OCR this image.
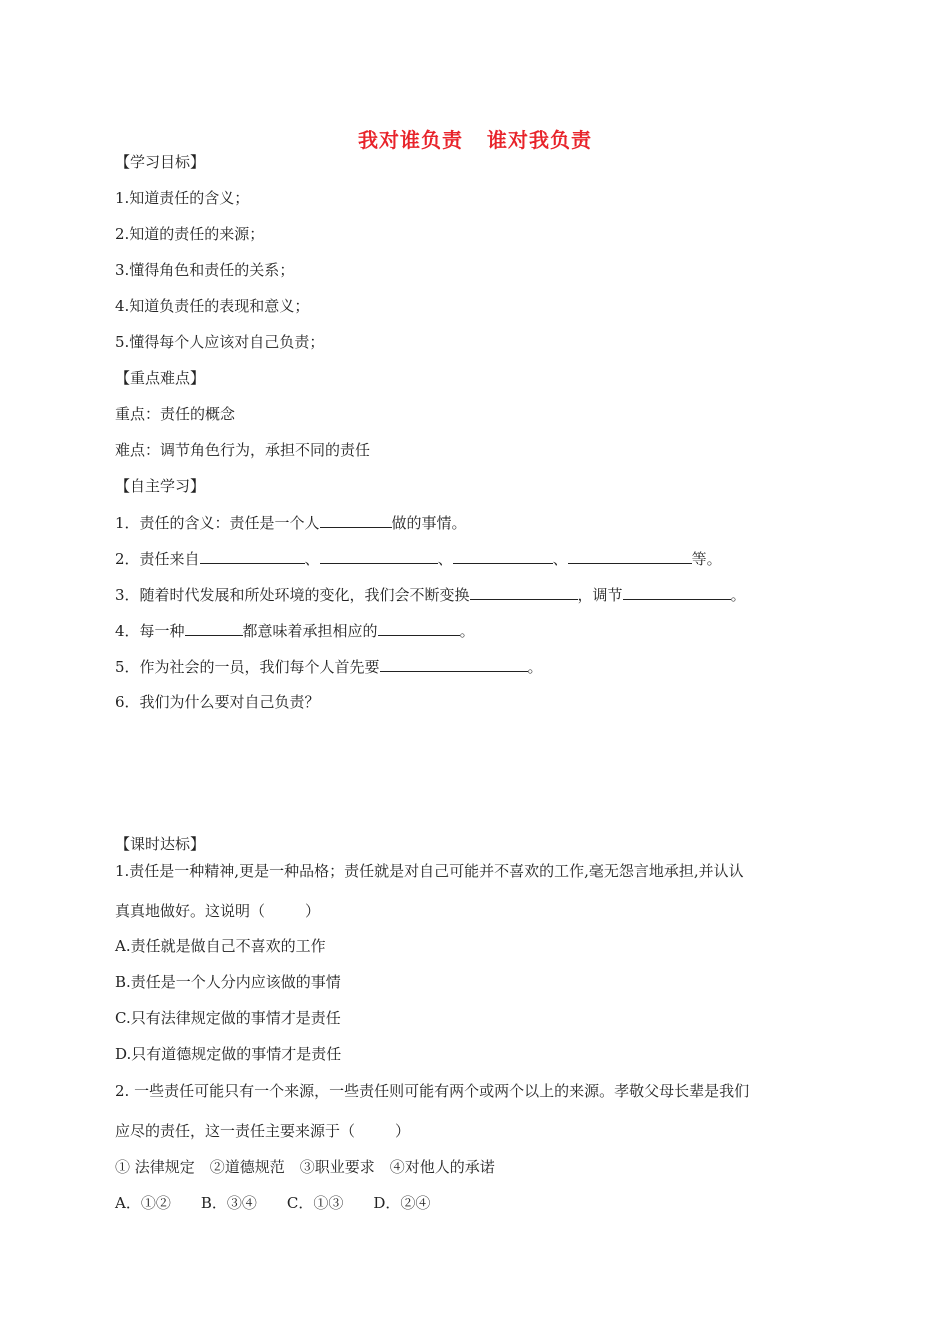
我对谁负责 谁对我负责
【学习目标】
1.知道责任的含义；
2.知道的责任的来源；
3.懂得角色和责任的关系；
4.知道负责任的表现和意义；
5.懂得每个人应该对自己负责；
【重点难点】
重点：责任的概念
难点：调节角色行为，承担不同的责任
【自主学习】
1．责任的含义：责任是一个人	做的事情。
2．责任来自	、	、	、	等。
3．随着时代发展和所处环境的变化，我们会不断变换	，调节	。
4．每一种	都意味着承担相应的	。
5．作为社会的一员，我们每个人首先要	。
6．我们为什么要对自己负责？
【课时达标】
1.责任是一种精神,更是一种品格；责任就是对自己可能并不喜欢的工作,毫无怨言地承担,并认认
真真地做好。这说明（	）
A.责任就是做自己不喜欢的工作
B.责任是一个人分内应该做的事情
C.只有法律规定做的事情才是责任
D.只有道德规定做的事情才是责任
2. 一些责任可能只有一个来源，一些责任则可能有两个或两个以上的来源。孝敬父母长辈是我们
应尽的责任，这一责任主要来源于（	）
① 法律规定　②道德规范　③职业要求　④对他人的承诺
A．①②　　B．③④　　C．①③　　D．②④
